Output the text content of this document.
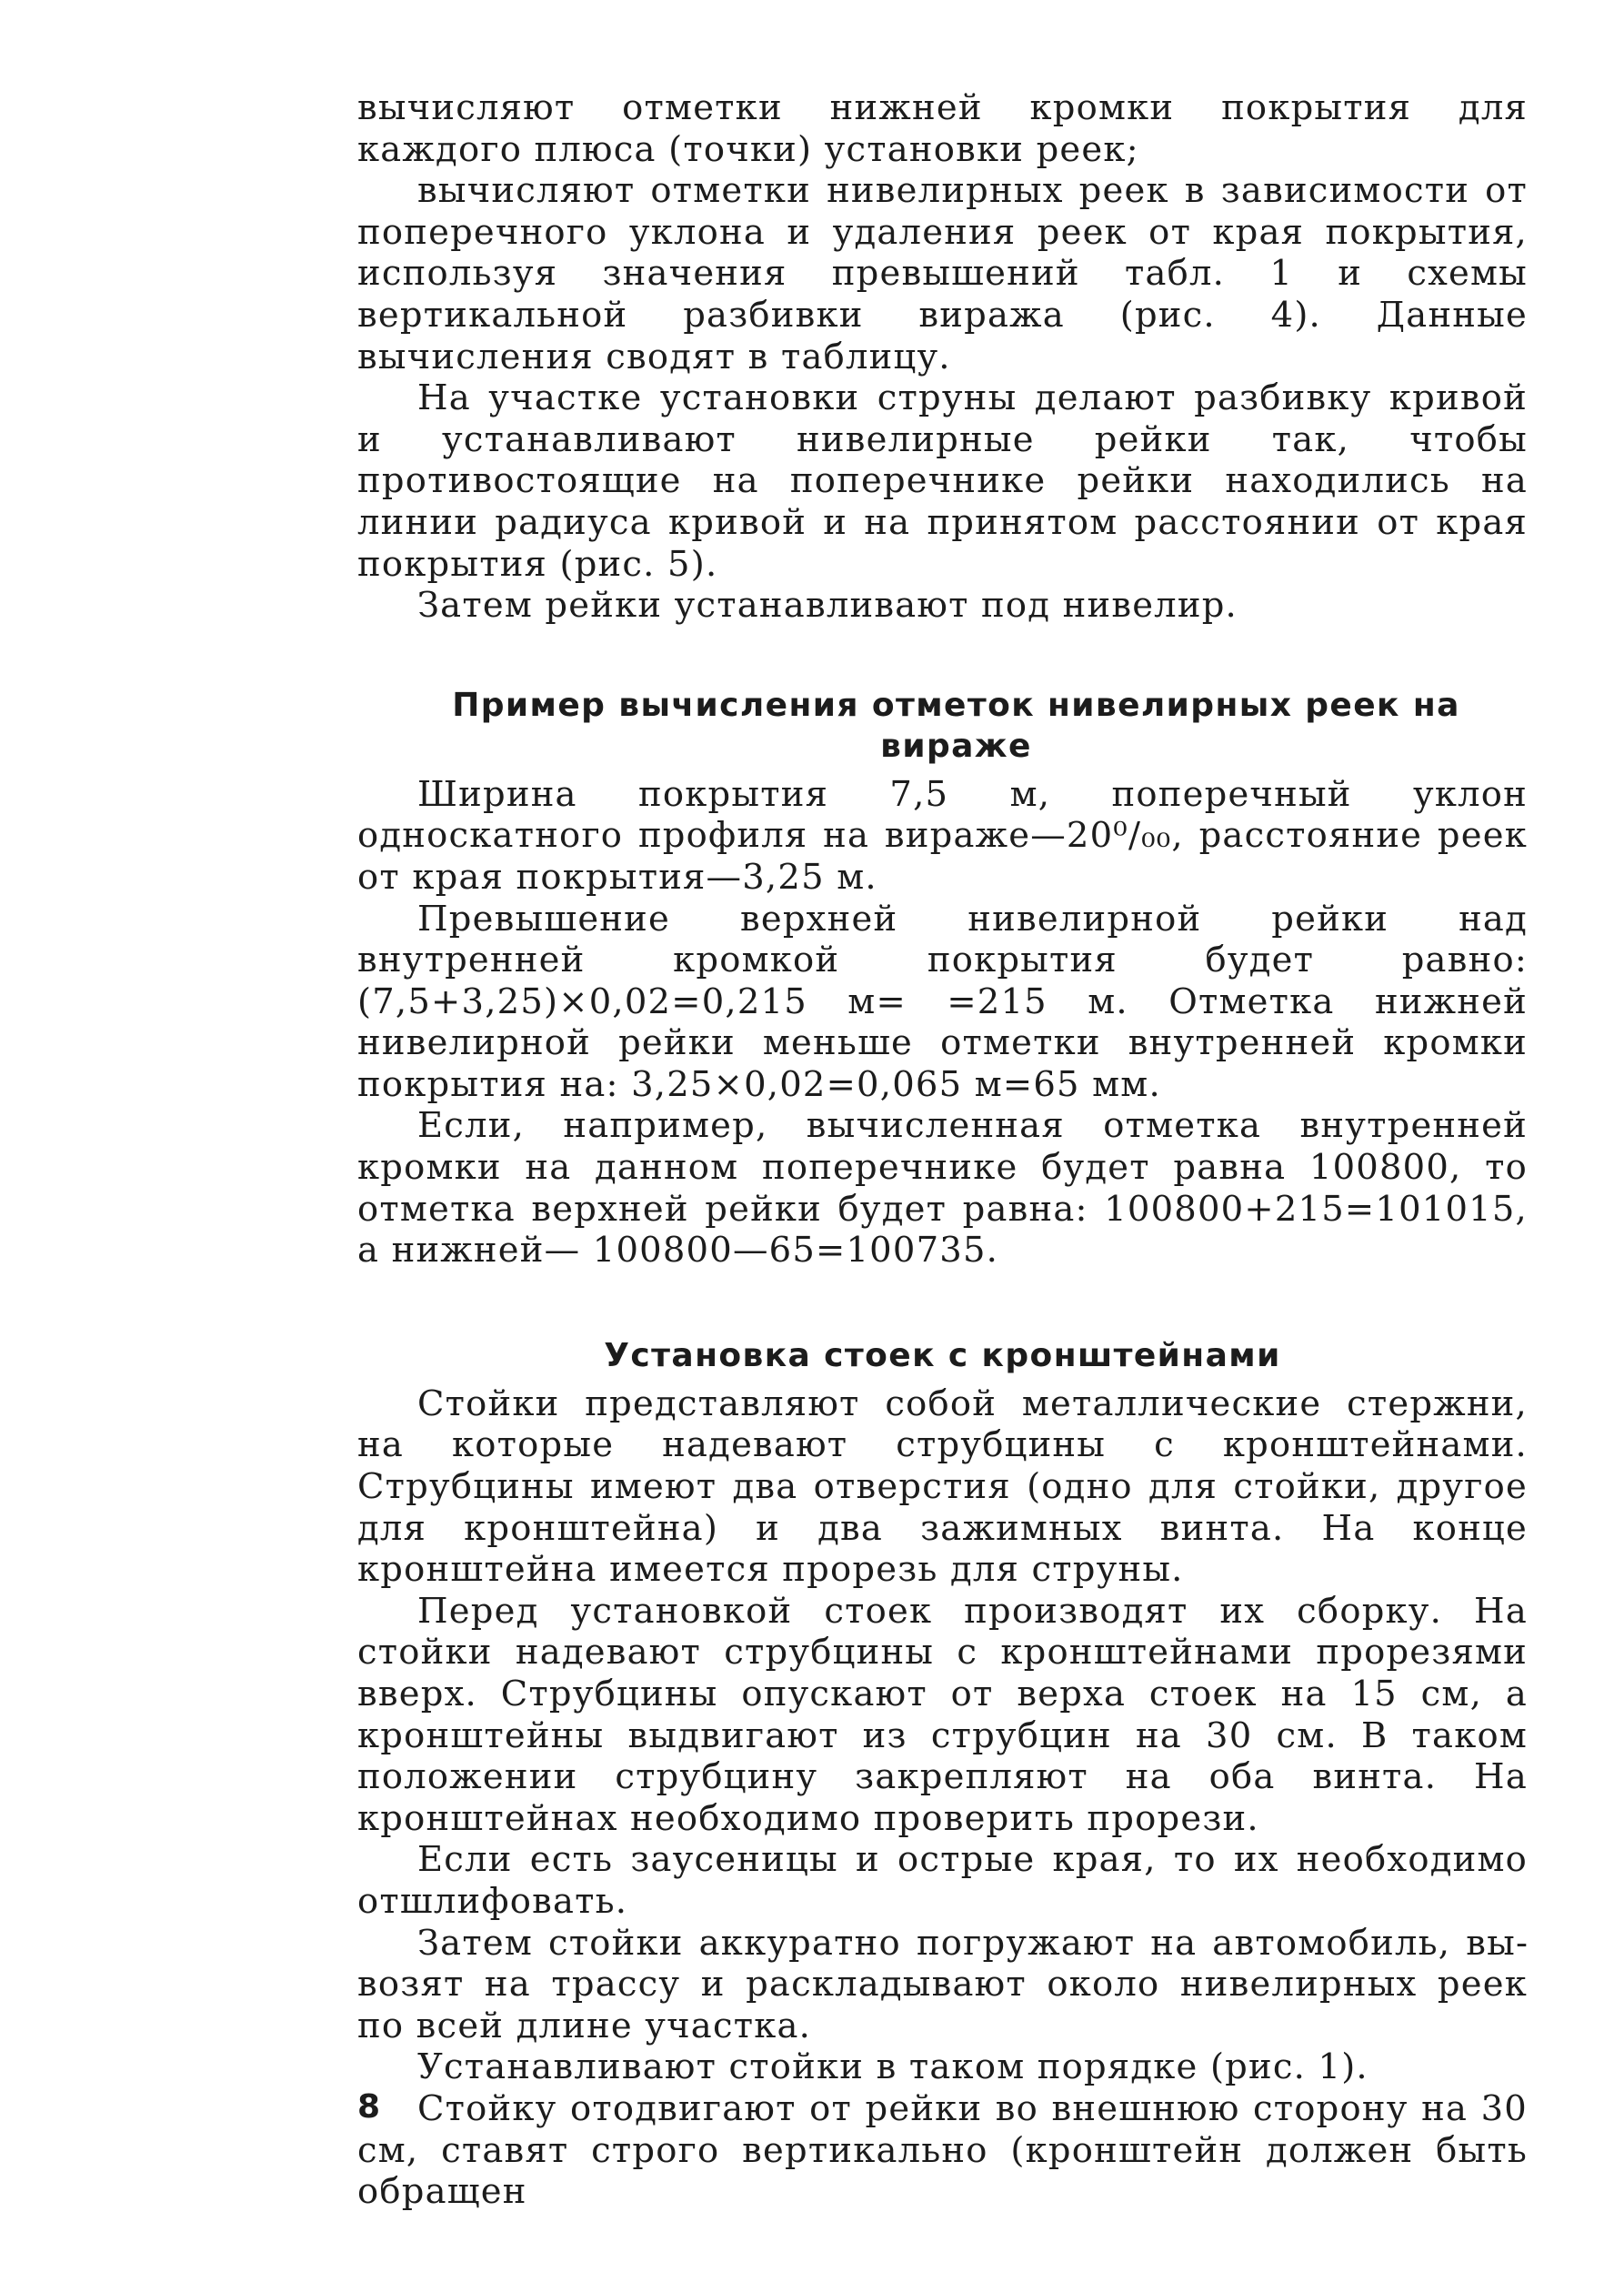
вычисляют отметки нижней кромки покрытия для каждого плюса (точки) установки реек;

вычисляют отметки нивелирных реек в зависимости от поперечного уклона и удаления реек от края покрытия, используя значения превышений табл. 1 и схемы вертикальной разбивки виража (рис. 4). Данные вычисления сводят в таблицу.

На участке установки струны делают разбивку кривой и устанавливают нивелирные рейки так, чтобы противостоящие на поперечнике рейки находились на линии радиуса кривой и на принятом расстоянии от края покрытия (рис. 5).

Затем рейки устанавливают под нивелир.

Пример вычисления отметок нивелирных реек на вираже

Ширина покрытия 7,5 м, поперечный уклон односкатного профиля на вираже—20⁰/₀₀, расстояние реек от края покрытия—3,25 м.

Превышение верхней нивелирной рейки над внутренней кромкой покрытия будет равно: (7,5+3,25)×0,02=0,215 м= =215 м. Отметка нижней нивелирной рейки меньше отметки внутренней кромки покрытия на: 3,25×0,02=0,065 м=65 мм.

Если, например, вычисленная отметка внутренней кромки на данном поперечнике будет равна 100800, то отметка верхней рейки будет равна: 100800+215=101015, а нижней— 100800—65=100735.

Установка стоек с кронштейнами

Стойки представляют собой металлические стержни, на которые надевают струбцины с кронштейнами. Струбцины имеют два отверстия (одно для стойки, другое для кронштейна) и два зажимных винта. На конце кронштейна имеется прорезь для струны.

Перед установкой стоек производят их сборку. На стойки надевают струбцины с кронштейнами прорезями вверх. Струбцины опускают от верха стоек на 15 см, а кронштейны выдвигают из струбцин на 30 см. В таком положении струбцину закрепляют на оба винта. На кронштейнах необходимо проверить прорези.

Если есть заусеницы и острые края, то их необходимо отшлифовать.

Затем стойки аккуратно погружают на автомобиль, вывозят на трассу и раскладывают около нивелирных реек по всей длине участка.

Устанавливают стойки в таком порядке (рис. 1).

Стойку отодвигают от рейки во внешнюю сторону на 30 см, ставят строго вертикально (кронштейн должен быть обращен

8
